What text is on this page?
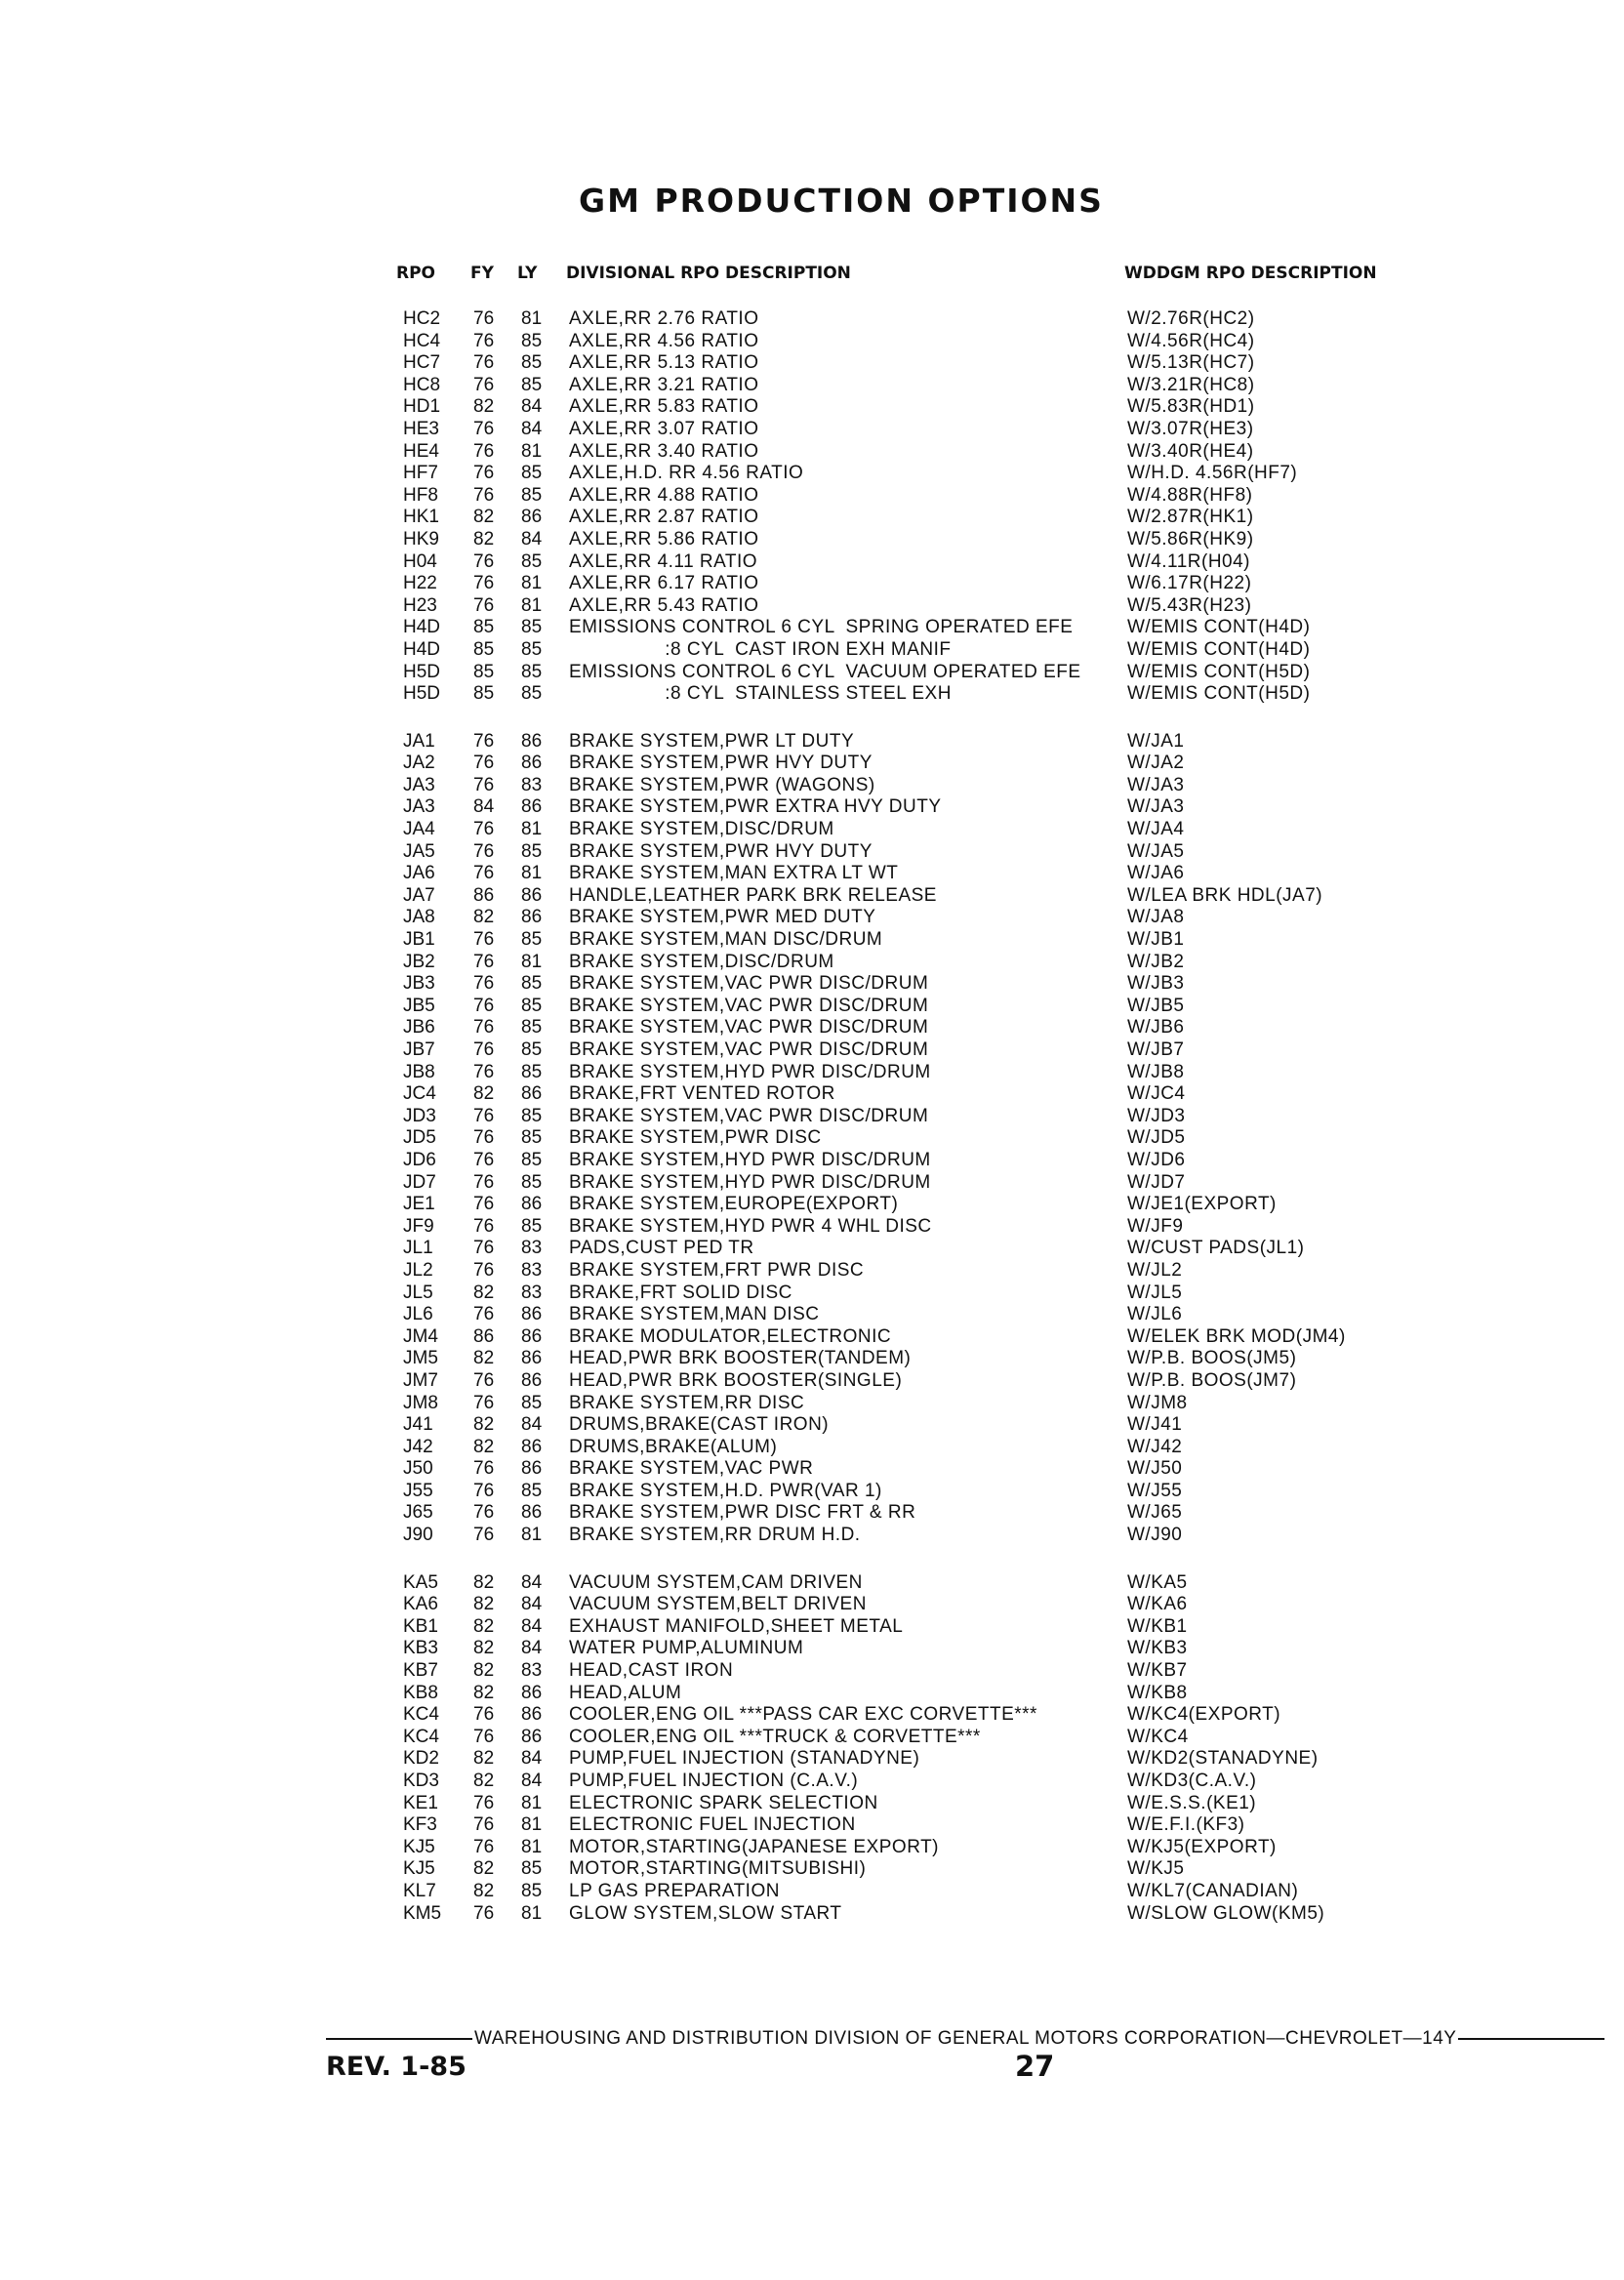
GM PRODUCTION OPTIONS
RPO FY LY DIVISIONAL RPO DESCRIPTION	WDDGM RPO DESCRIPTION
HC2 76 81 AXLE,RR 2.76 RATIO	W/2.76R(HC2)
HC4 76 85 AXLE,RR 4.56 RATIO	W/4.56R(HC4)
HC7 76 85 AXLE,RR 5.13 RATIO	W/5.13R(HC7)
HC8 76 85 AXLE,RR 3.21 RATIO	W/3.21R(HC8)
HD1 82 84 AXLE,RR 5.83 RATIO	W/5.83R(HD1)
HE3 76 84 AXLE,RR 3.07 RATIO	W/3.07R(HE3)
HE4 76 81 AXLE,RR 3.40 RATIO	W/3.40R(HE4)
HF7 76 85 AXLE,H.D. RR 4.56 RATIO	W/H.D. 4.56R(HF7)
HF8 76 85 AXLE,RR 4.88 RATIO	W/4.88R(HF8)
HK1 82 86 AXLE,RR 2.87 RATIO	W/2.87R(HK1)
HK9 82 84 AXLE,RR 5.86 RATIO	W/5.86R(HK9)
H04 76 85 AXLE,RR 4.11 RATIO	W/4.11R(H04)
H22 76 81 AXLE,RR 6.17 RATIO	W/6.17R(H22)
H23 76 81 AXLE,RR 5.43 RATIO	W/5.43R(H23)
H4D 85 85 EMISSIONS CONTROL 6 CYL  SPRING OPERATED EFE	W/EMIS CONT(H4D)
H4D 85 85 :8 CYL  CAST IRON EXH MANIF	W/EMIS CONT(H4D)
H5D 85 85 EMISSIONS CONTROL 6 CYL  VACUUM OPERATED EFE W/EMIS CONT(H5D)
H5D 85 85 :8 CYL  STAINLESS STEEL EXH	W/EMIS CONT(H5D)
JA1 76 86 BRAKE SYSTEM,PWR LT DUTY	W/JA1
JA2 76 86 BRAKE SYSTEM,PWR HVY DUTY	W/JA2
JA3 76 83 BRAKE SYSTEM,PWR (WAGONS)	W/JA3
JA3 84 86 BRAKE SYSTEM,PWR EXTRA HVY DUTY	W/JA3
JA4 76 81 BRAKE SYSTEM,DISC/DRUM	W/JA4
JA5 76 85 BRAKE SYSTEM,PWR HVY DUTY	W/JA5
JA6 76 81 BRAKE SYSTEM,MAN EXTRA LT WT	W/JA6
JA7 86 86 HANDLE,LEATHER PARK BRK RELEASE	W/LEA BRK HDL(JA7)
JA8 82 86 BRAKE SYSTEM,PWR MED DUTY	W/JA8
JB1 76 85 BRAKE SYSTEM,MAN DISC/DRUM	W/JB1
JB2 76 81 BRAKE SYSTEM,DISC/DRUM	W/JB2
JB3 76 85 BRAKE SYSTEM,VAC PWR DISC/DRUM	W/JB3
JB5 76 85 BRAKE SYSTEM,VAC PWR DISC/DRUM	W/JB5
JB6 76 85 BRAKE SYSTEM,VAC PWR DISC/DRUM	W/JB6
JB7 76 85 BRAKE SYSTEM,VAC PWR DISC/DRUM	W/JB7
JB8 76 85 BRAKE SYSTEM,HYD PWR DISC/DRUM	W/JB8
JC4 82 86 BRAKE,FRT VENTED ROTOR	W/JC4
JD3 76 85 BRAKE SYSTEM,VAC PWR DISC/DRUM	W/JD3
JD5 76 85 BRAKE SYSTEM,PWR DISC	W/JD5
JD6 76 85 BRAKE SYSTEM,HYD PWR DISC/DRUM	W/JD6
JD7 76 85 BRAKE SYSTEM,HYD PWR DISC/DRUM	W/JD7
JE1 76 86 BRAKE SYSTEM,EUROPE(EXPORT)	W/JE1(EXPORT)
JF9 76 85 BRAKE SYSTEM,HYD PWR 4 WHL DISC	W/JF9
JL1 76 83 PADS,CUST PED TR	W/CUST PADS(JL1)
JL2 76 83 BRAKE SYSTEM,FRT PWR DISC	W/JL2
JL5 82 83 BRAKE,FRT SOLID DISC	W/JL5
JL6 76 86 BRAKE SYSTEM,MAN DISC	W/JL6
JM4 86 86 BRAKE MODULATOR,ELECTRONIC	W/ELEK BRK MOD(JM4)
JM5 82 86 HEAD,PWR BRK BOOSTER(TANDEM)	W/P.B. BOOS(JM5)
JM7 76 86 HEAD,PWR BRK BOOSTER(SINGLE)	W/P.B. BOOS(JM7)
JM8 76 85 BRAKE SYSTEM,RR DISC	W/JM8
J41 82 84 DRUMS,BRAKE(CAST IRON)	W/J41
J42 82 86 DRUMS,BRAKE(ALUM)	W/J42
J50 76 86 BRAKE SYSTEM,VAC PWR	W/J50
J55 76 85 BRAKE SYSTEM,H.D. PWR(VAR 1)	W/J55
J65 76 86 BRAKE SYSTEM,PWR DISC FRT & RR	W/J65
J90 76 81 BRAKE SYSTEM,RR DRUM H.D.	W/J90
KA5 82 84 VACUUM SYSTEM,CAM DRIVEN	W/KA5
KA6 82 84 VACUUM SYSTEM,BELT DRIVEN	W/KA6
KB1 82 84 EXHAUST MANIFOLD,SHEET METAL	W/KB1
KB3 82 84 WATER PUMP,ALUMINUM	W/KB3
KB7 82 83 HEAD,CAST IRON	W/KB7
KB8 82 86 HEAD,ALUM	W/KB8
KC4 76 86 COOLER,ENG OIL ***PASS CAR EXC CORVETTE***	W/KC4(EXPORT)
KC4 76 86 COOLER,ENG OIL ***TRUCK & CORVETTE***	W/KC4
KD2 82 84 PUMP,FUEL INJECTION (STANADYNE)	W/KD2(STANADYNE)
KD3 82 84 PUMP,FUEL INJECTION (C.A.V.)	W/KD3(C.A.V.)
KE1 76 81 ELECTRONIC SPARK SELECTION	W/E.S.S.(KE1)
KF3 76 81 ELECTRONIC FUEL INJECTION	W/E.F.I.(KF3)
KJ5 76 81 MOTOR,STARTING(JAPANESE EXPORT)	W/KJ5(EXPORT)
KJ5 82 85 MOTOR,STARTING(MITSUBISHI)	W/KJ5
KL7 82 85 LP GAS PREPARATION	W/KL7(CANADIAN)
KM5 76 81 GLOW SYSTEM,SLOW START	W/SLOW GLOW(KM5)
WAREHOUSING AND DISTRIBUTION DIVISION OF GENERAL MOTORS CORPORATION—CHEVROLET—14Y
REV. 1-85	27
